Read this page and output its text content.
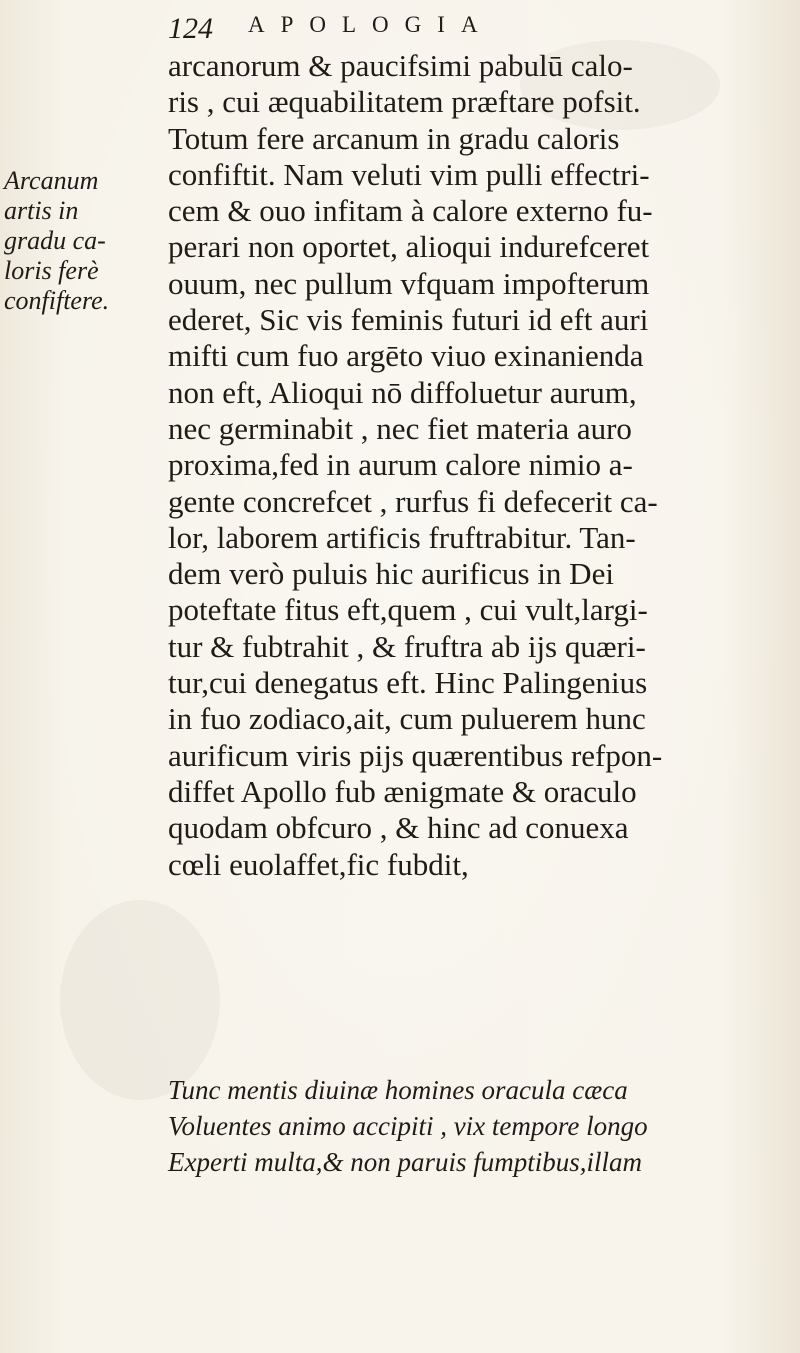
124 APOLOGIA
Arcanum
artis in
gradu ca-
loris ferè
confiftere.
arcanorum & paucifsimi pabulū calo-
ris , cui æquabilitatem præftare pofsit.
Totum fere arcanum in gradu caloris
confiftit. Nam veluti vim pulli effectri-
cem & ouo infitam à calore externo fu-
perari non oportet, alioqui indurefceret
ouum, nec pullum vfquam impofterum
ederet, Sic vis feminis futuri id eft auri
mifti cum fuo argēto viuo exinanienda
non eft, Alioqui nō diffoluetur aurum,
nec germinabit , nec fiet materia auro
proxima,fed in aurum calore nimio a-
gente concrefcet , rurfus fi defecerit ca-
lor, laborem artificis fruftrabitur. Tan-
dem verò puluis hic aurificus in Dei
poteftate fitus eft,quem , cui vult,largi-
tur & fubtrahit , & fruftra ab ijs quæri-
tur,cui denegatus eft. Hinc Palingenius
in fuo zodiaco,ait, cum puluerem hunc
aurificum viris pijs quærentibus refpon-
diffet Apollo fub ænigmate & oraculo
quodam obfcuro , & hinc ad conuexa
cœli euolaffet,fic fubdit,
Tunc mentis diuinæ homines oracula cæca
Voluentes animo accipiti , vix tempore longo
Experti multa,& non paruis fumptibus,illam
